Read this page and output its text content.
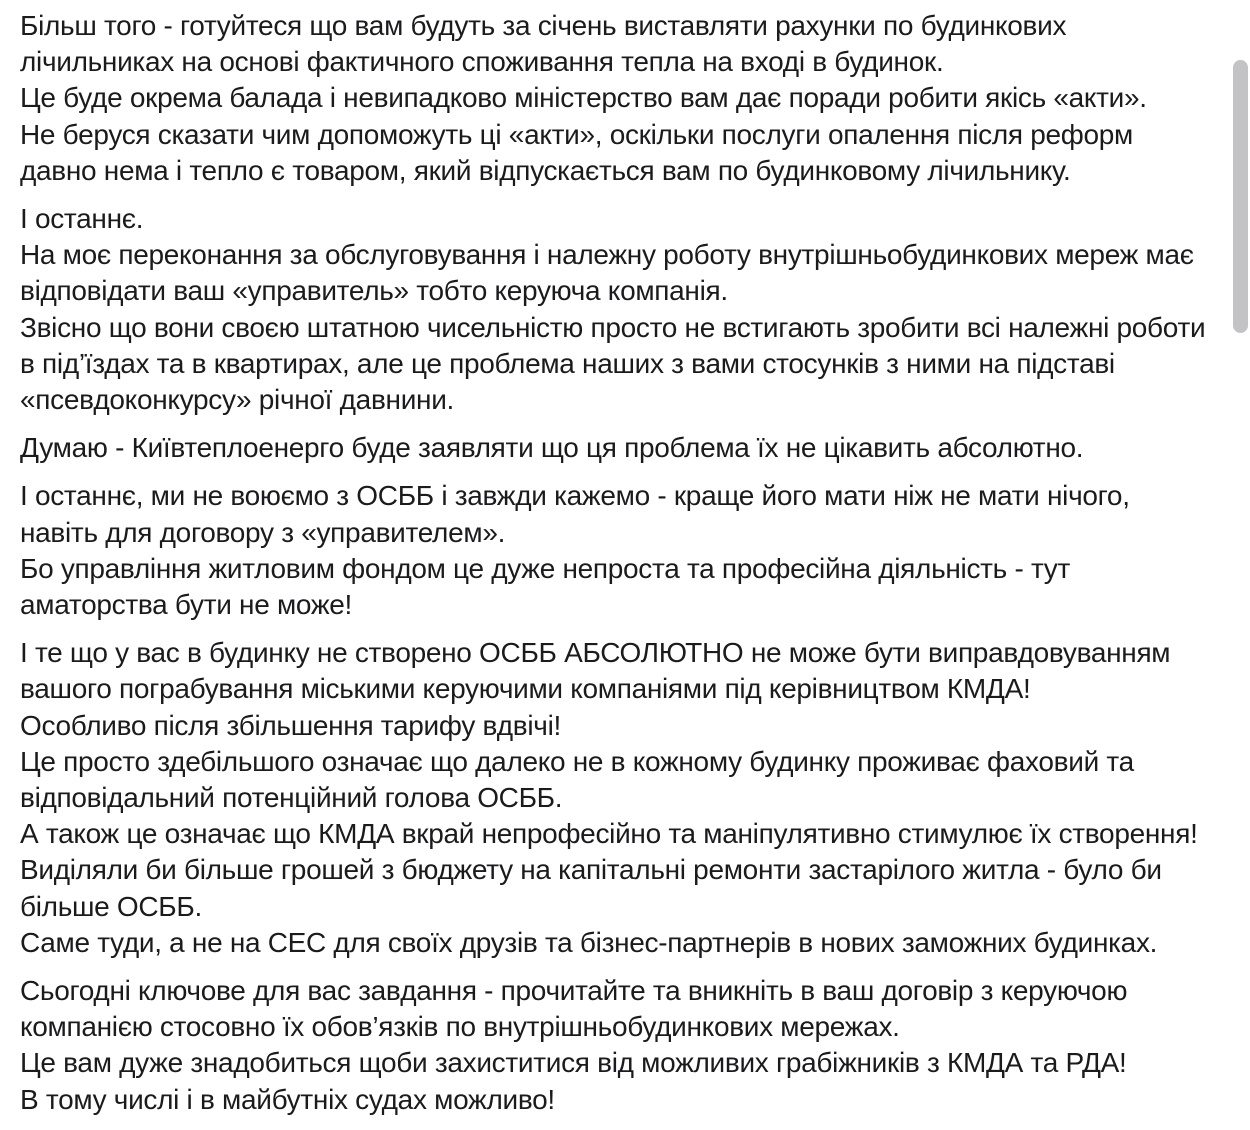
Більш того - готуйтеся що вам будуть за січень виставляти рахунки по будинкових
лічильниках на основі фактичного споживання тепла на вході в будинок.
Це буде окрема балада і невипадково міністерство вам дає поради робити якісь «акти».
Не беруся сказати чим допоможуть ці «акти», оскільки послуги опалення після реформ
давно нема і тепло є товаром, який відпускається вам по будинковому лічильнику.
І останнє.
На моє переконання за обслуговування і належну роботу внутрішньобудинкових мереж має
відповідати ваш «управитель» тобто керуюча компанія.
Звісно що вони своєю штатною чисельністю просто не встигають зробити всі належні роботи
в під’їздах та в квартирах, але це проблема наших з вами стосунків з ними на підставі
«псевдоконкурсу» річної давнини.
Думаю - Київтеплоенерго буде заявляти що ця проблема їх не цікавить абсолютно.
І останнє, ми не воюємо з ОСББ і завжди кажемо - краще його мати ніж не мати нічого,
навіть для договору з «управителем».
Бо управління житловим фондом це дуже непроста та професійна діяльність - тут
аматорства бути не може!
І те що у вас в будинку не створено ОСББ АБСОЛЮТНО не може бути виправдовуванням
вашого пограбування міськими керуючими компаніями під керівництвом КМДА!
Особливо після збільшення тарифу вдвічі!
Це просто здебільшого означає що далеко не в кожному будинку проживає фаховий та
відповідальний потенційний голова ОСББ.
А також це означає що КМДА вкрай непрофесійно та маніпулятивно стимулює їх створення!
Виділяли би більше грошей з бюджету на капітальні ремонти застарілого житла - було би
більше ОСББ.
Саме туди, а не на СЕС для своїх друзів та бізнес-партнерів в нових заможних будинках.
Сьогодні ключове для вас завдання - прочитайте та вникніть в ваш договір з керуючою
компанією стосовно їх обов’язків по внутрішньобудинкових мережах.
Це вам дуже знадобиться щоби захиститися від можливих грабіжників з КМДА та РДА!
В тому числі і в майбутніх судах можливо!
